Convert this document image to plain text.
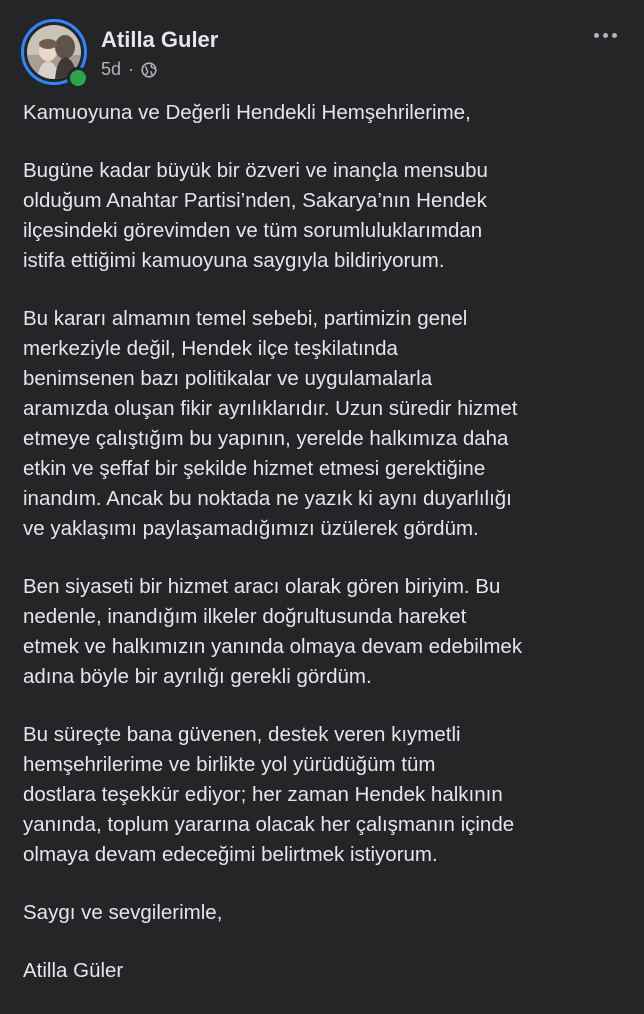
Atilla Guler
5d ·

Kamuoyuna ve Değerli Hendekli Hemşehrilerime,

Bugüne kadar büyük bir özveri ve inançla mensubu
olduğum Anahtar Partisi’nden, Sakarya’nın Hendek
ilçesindeki görevimden ve tüm sorumluluklarımdan
istifa ettiğimi kamuoyuna saygıyla bildiriyorum.

Bu kararı almamın temel sebebi, partimizin genel
merkeziyle değil, Hendek ilçe teşkilatında
benimsenen bazı politikalar ve uygulamalarla
aramızda oluşan fikir ayrılıklarıdır. Uzun süredir hizmet
etmeye çalıştığım bu yapının, yerelde halkımıza daha
etkin ve şeffaf bir şekilde hizmet etmesi gerektiğine
inandım. Ancak bu noktada ne yazık ki aynı duyarlılığı
ve yaklaşımı paylaşamadığımızı üzülerek gördüm.

Ben siyaseti bir hizmet aracı olarak gören biriyim. Bu
nedenle, inandığım ilkeler doğrultusunda hareket
etmek ve halkımızın yanında olmaya devam edebilmek
adına böyle bir ayrılığı gerekli gördüm.

Bu süreçte bana güvenen, destek veren kıymetli
hemşehrilerime ve birlikte yol yürüdüğüm tüm
dostlara teşekkür ediyor; her zaman Hendek halkının
yanında, toplum yararına olacak her çalışmanın içinde
olmaya devam edeceğimi belirtmek istiyorum.

Saygı ve sevgilerimle,

Atilla Güler
